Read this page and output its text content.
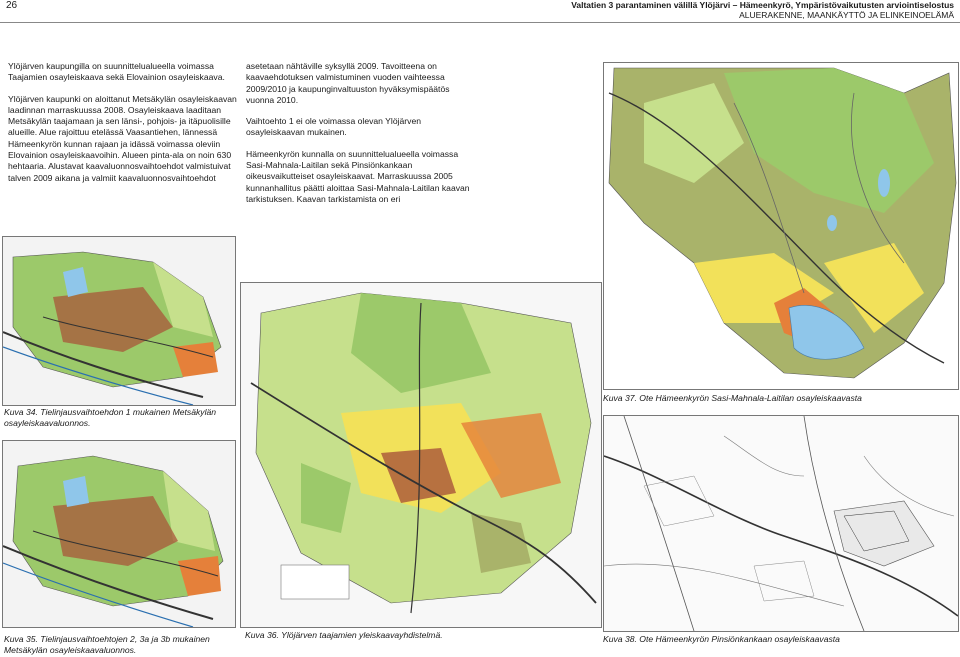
26	Valtatien 3 parantaminen välillä Ylöjärvi – Hämeenkyrö, Ympäristövaikutusten arviointiselostus
ALUERAKENNE, MAANKÄYTTÖ JA ELINKEINOELÄMÄ

Ylöjärven kaupungilla on suunnittelualueella voimassa Taajamien osayleiskaava sekä Elovainion osayleiskaava.

Ylöjärven kaupunki on aloittanut Metsäkylän osayleiskaavan laadinnan marraskuussa 2008. Osayleiskaava laaditaan Metsäkylän taajamaan ja sen länsi-, pohjois- ja itäpuolisille alueille. Alue rajoittuu etelässä Vaasantiehen, lännessä Hämeenkyrön kunnan rajaan ja idässä voimassa oleviin Elovainion osayleiskaavoihin. Alueen pinta-ala on noin 630 hehtaaria. Alustavat kaavaluonnosvaihtoehdot valmistuivat talven 2009 aikana ja valmiit kaavaluonnosvaihtoehdot

asetetaan nähtäville syksyllä 2009. Tavoitteena on kaavaehdotuksen valmistuminen vuoden vaihteessa 2009/2010 ja kaupunginvaltuuston hyväksymispäätös vuonna 2010.

Vaihtoehto 1 ei ole voimassa olevan Ylöjärven osayleiskaavan mukainen.

Hämeenkyrön kunnalla on suunnittelualueella voimassa Sasi-Mahnala-Laitilan sekä Pinsiönkankaan oikeusvaikutteiset osayleiskaavat. Marraskuussa 2005 kunnanhallitus päätti aloittaa Sasi-Mahnala-Laitilan kaavan tarkistuksen. Kaavan tarkistamista on eri

Kuva 34. Tielinjausvaihtoehdon 1 mukainen Metsäkylän osayleiskaavaluonnos.
Kuva 36. Ylöjärven taajamien yleiskaavayhdistelmä.
Kuva 35. Tielinjausvaihtoehtojen 2, 3a ja 3b mukainen Metsäkylän osayleiskaavaluonnos.
Kuva 37. Ote Hämeenkyrön Sasi-Mahnala-Laitilan osayleiskaavasta
Kuva 38. Ote Hämeenkyrön Pinsiönkankaan osayleiskaavasta
